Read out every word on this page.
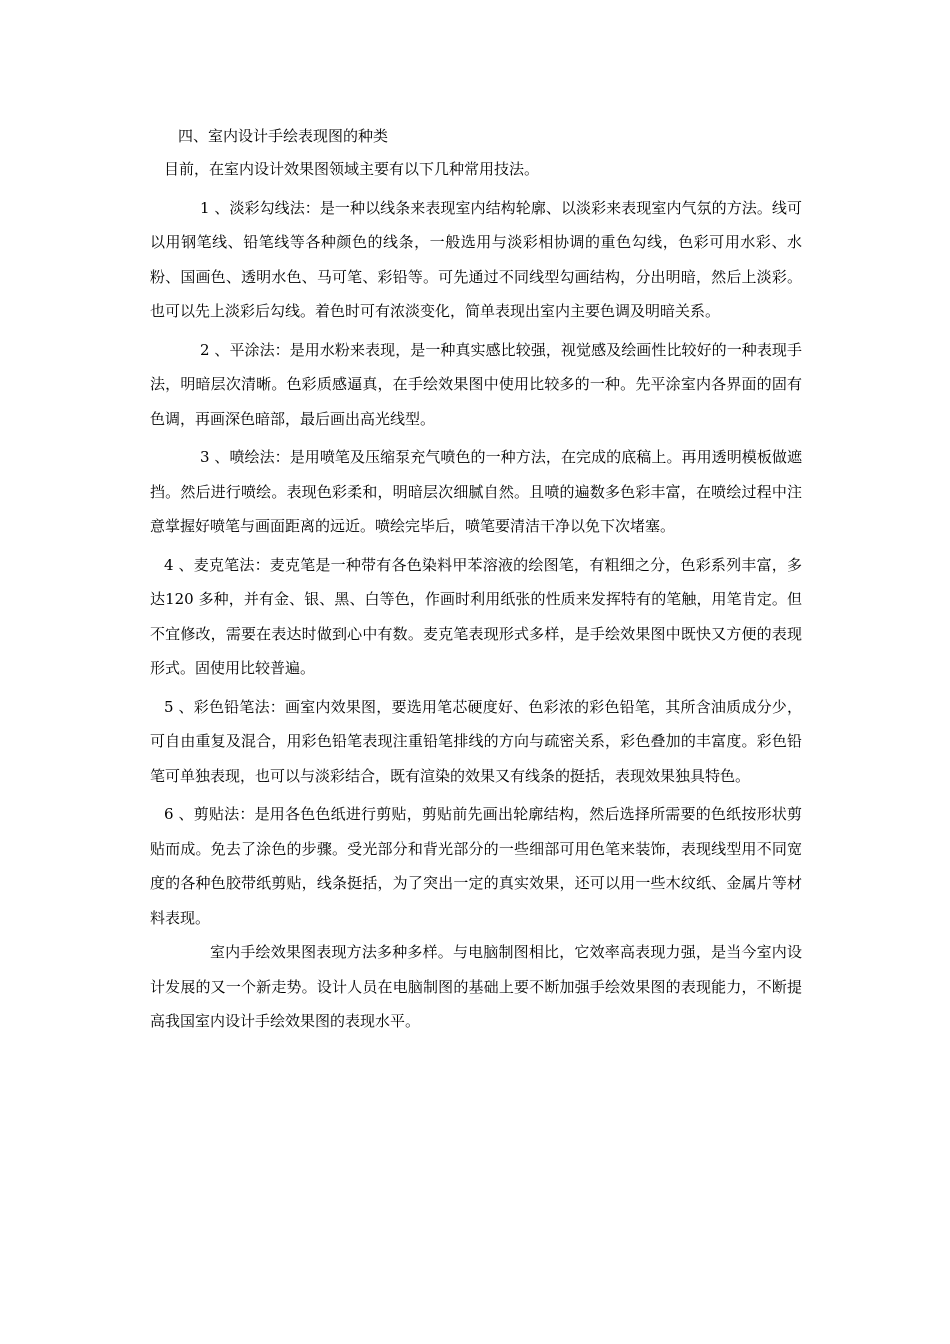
四、室内设计手绘表现图的种类

目前，在室内设计效果图领域主要有以下几种常用技法。

1 、淡彩勾线法：是一种以线条来表现室内结构轮廓、以淡彩来表现室内气氛的方法。线可以用钢笔线、铅笔线等各种颜色的线条，一般选用与淡彩相协调的重色勾线，色彩可用水彩、水粉、国画色、透明水色、马可笔、彩铅等。可先通过不同线型勾画结构，分出明暗，然后上淡彩。也可以先上淡彩后勾线。着色时可有浓淡变化，简单表现出室内主要色调及明暗关系。

2 、平涂法：是用水粉来表现，是一种真实感比较强，视觉感及绘画性比较好的一种表现手法，明暗层次清晰。色彩质感逼真，在手绘效果图中使用比较多的一种。先平涂室内各界面的固有色调，再画深色暗部，最后画出高光线型。

3 、喷绘法：是用喷笔及压缩泵充气喷色的一种方法，在完成的底稿上。再用透明模板做遮挡。然后进行喷绘。表现色彩柔和，明暗层次细腻自然。且喷的遍数多色彩丰富，在喷绘过程中注意掌握好喷笔与画面距离的远近。喷绘完毕后，喷笔要清洁干净以免下次堵塞。

4 、麦克笔法：麦克笔是一种带有各色染料甲苯溶液的绘图笔，有粗细之分，色彩系列丰富，多达120 多种，并有金、银、黑、白等色，作画时利用纸张的性质来发挥特有的笔触，用笔肯定。但不宜修改，需要在表达时做到心中有数。麦克笔表现形式多样，是手绘效果图中既快又方便的表现形式。固使用比较普遍。

5 、彩色铅笔法：画室内效果图，要选用笔芯硬度好、色彩浓的彩色铅笔，其所含油质成分少，可自由重复及混合，用彩色铅笔表现注重铅笔排线的方向与疏密关系，彩色叠加的丰富度。彩色铅笔可单独表现，也可以与淡彩结合，既有渲染的效果又有线条的挺括，表现效果独具特色。

6 、剪贴法：是用各色色纸进行剪贴，剪贴前先画出轮廓结构，然后选择所需要的色纸按形状剪贴而成。免去了涂色的步骤。受光部分和背光部分的一些细部可用色笔来装饰，表现线型用不同宽度的各种色胶带纸剪贴，线条挺括，为了突出一定的真实效果，还可以用一些木纹纸、金属片等材料表现。

室内手绘效果图表现方法多种多样。与电脑制图相比，它效率高表现力强，是当今室内设计发展的又一个新走势。设计人员在电脑制图的基础上要不断加强手绘效果图的表现能力，不断提高我国室内设计手绘效果图的表现水平。
